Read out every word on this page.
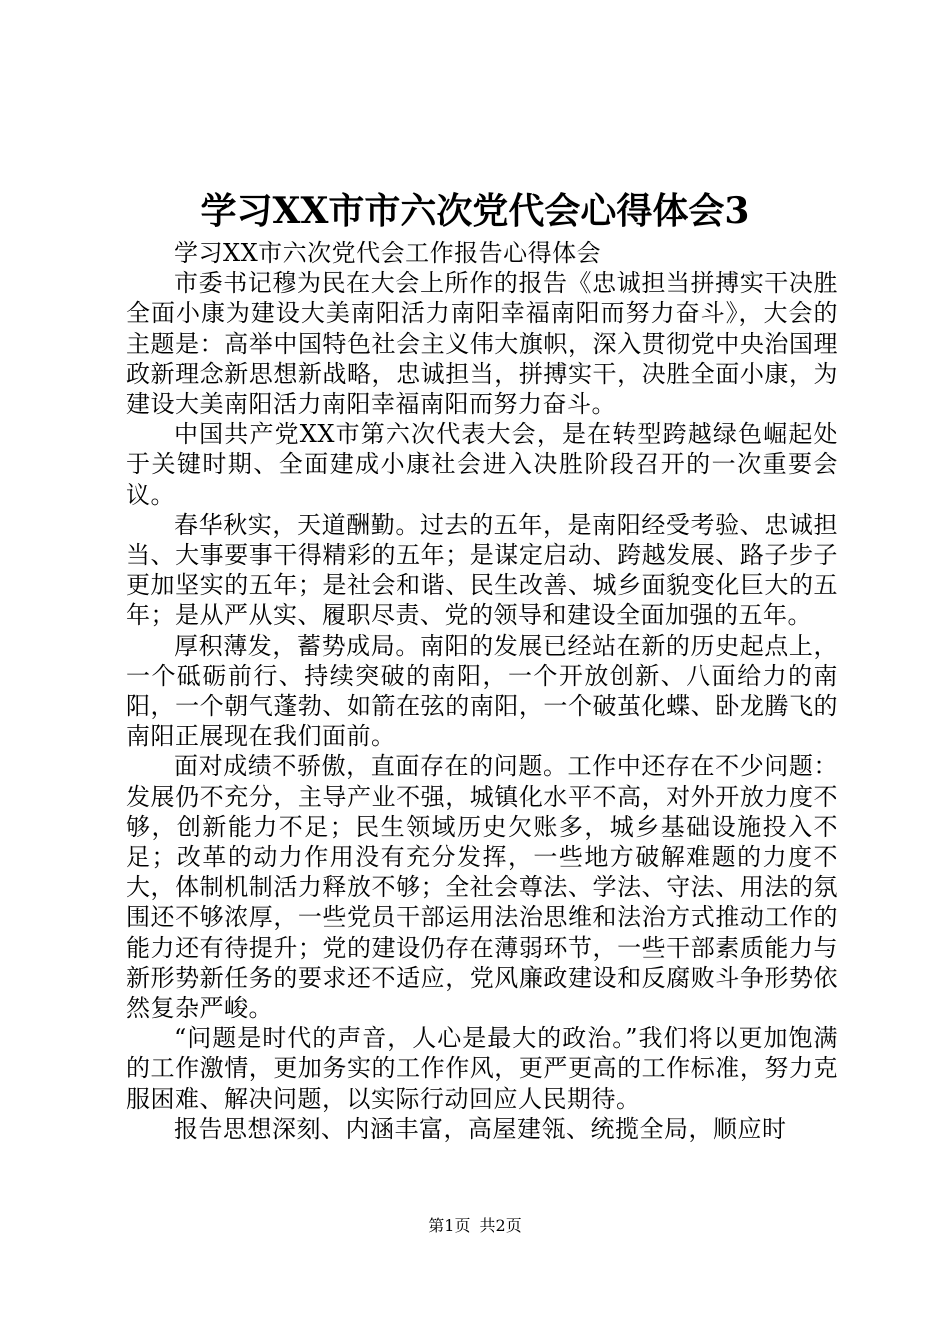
学习XX市市六次党代会心得体会3

学习XX市六次党代会工作报告心得体会

市委书记穆为民在大会上所作的报告《忠诚担当拼搏实干决胜全面小康为建设大美南阳活力南阳幸福南阳而努力奋斗》，大会的主题是：高举中国特色社会主义伟大旗帜，深入贯彻党中央治国理政新理念新思想新战略，忠诚担当，拼搏实干，决胜全面小康，为建设大美南阳活力南阳幸福南阳而努力奋斗。

中国共产党XX市第六次代表大会，是在转型跨越绿色崛起处于关键时期、全面建成小康社会进入决胜阶段召开的一次重要会议。

春华秋实，天道酬勤。过去的五年，是南阳经受考验、忠诚担当、大事要事干得精彩的五年；是谋定启动、跨越发展、路子步子更加坚实的五年；是社会和谐、民生改善、城乡面貌变化巨大的五年；是从严从实、履职尽责、党的领导和建设全面加强的五年。

厚积薄发，蓄势成局。南阳的发展已经站在新的历史起点上，一个砥砺前行、持续突破的南阳，一个开放创新、八面给力的南阳，一个朝气蓬勃、如箭在弦的南阳，一个破茧化蝶、卧龙腾飞的南阳正展现在我们面前。

面对成绩不骄傲，直面存在的问题。工作中还存在不少问题：发展仍不充分，主导产业不强，城镇化水平不高，对外开放力度不够，创新能力不足；民生领域历史欠账多，城乡基础设施投入不足；改革的动力作用没有充分发挥，一些地方破解难题的力度不大，体制机制活力释放不够；全社会尊法、学法、守法、用法的氛围还不够浓厚，一些党员干部运用法治思维和法治方式推动工作的能力还有待提升；党的建设仍存在薄弱环节，一些干部素质能力与新形势新任务的要求还不适应，党风廉政建设和反腐败斗争形势依然复杂严峻。

“问题是时代的声音，人心是最大的政治。”我们将以更加饱满的工作激情，更加务实的工作作风，更严更高的工作标准，努力克服困难、解决问题，以实际行动回应人民期待。

报告思想深刻、内涵丰富，高屋建瓴、统揽全局，顺应时

第1页 共2页
